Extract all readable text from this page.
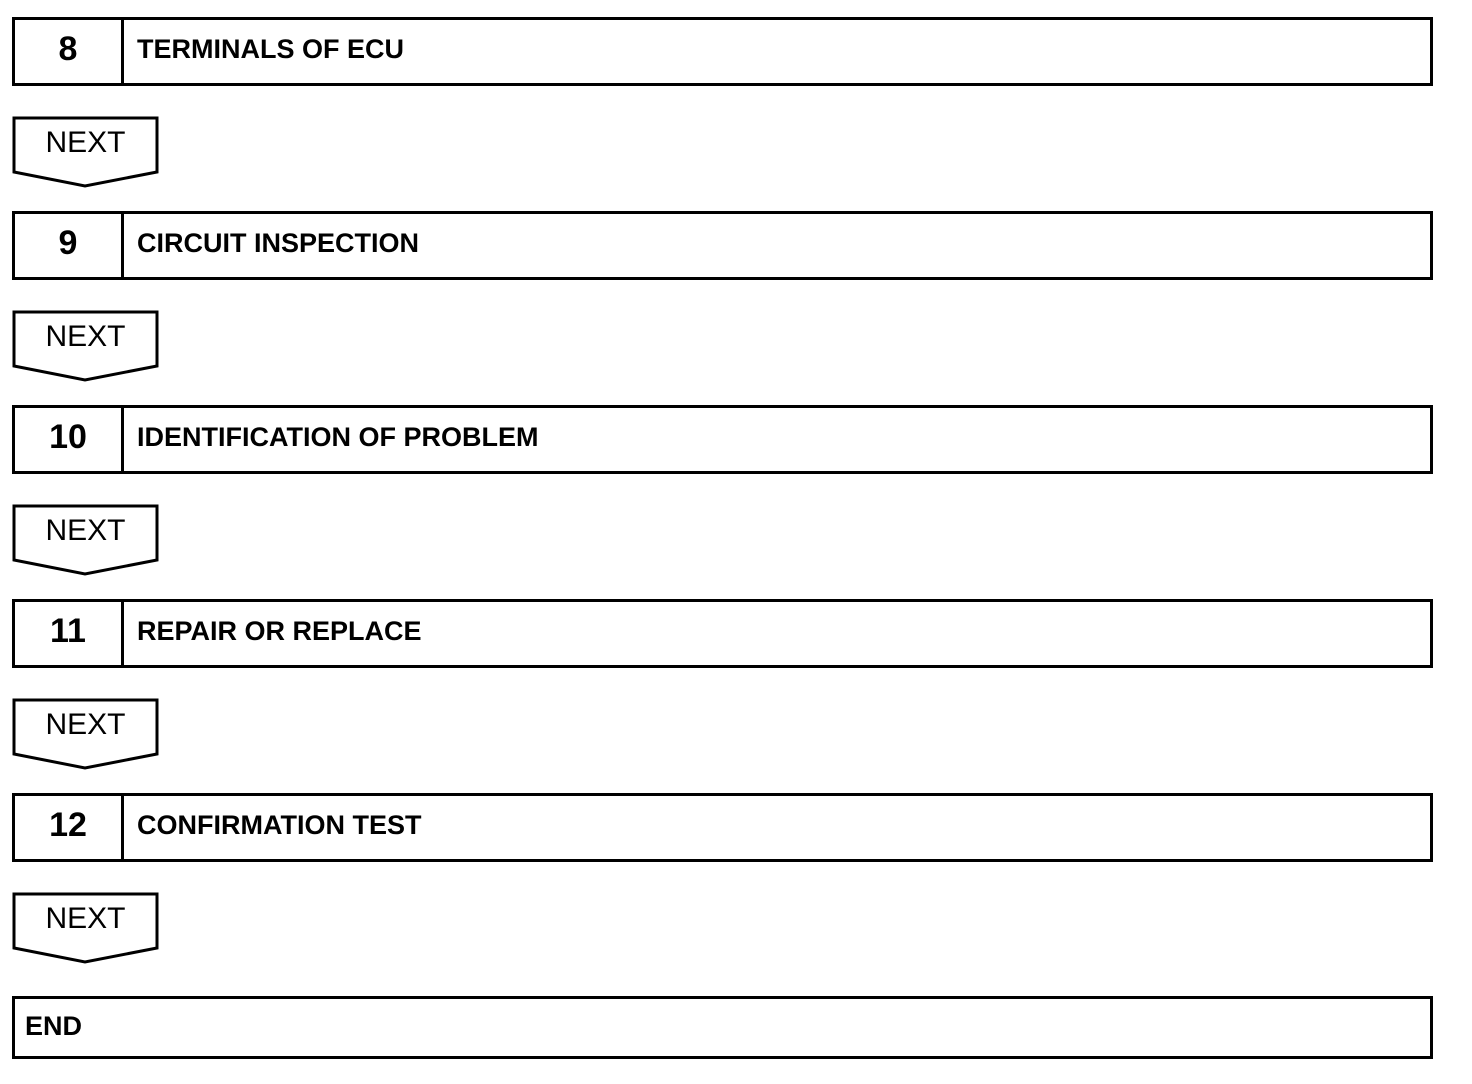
8	TERMINALS OF ECU
NEXT
9	CIRCUIT INSPECTION
NEXT
10	IDENTIFICATION OF PROBLEM
NEXT
11	REPAIR OR REPLACE
NEXT
12	CONFIRMATION TEST
NEXT
END
